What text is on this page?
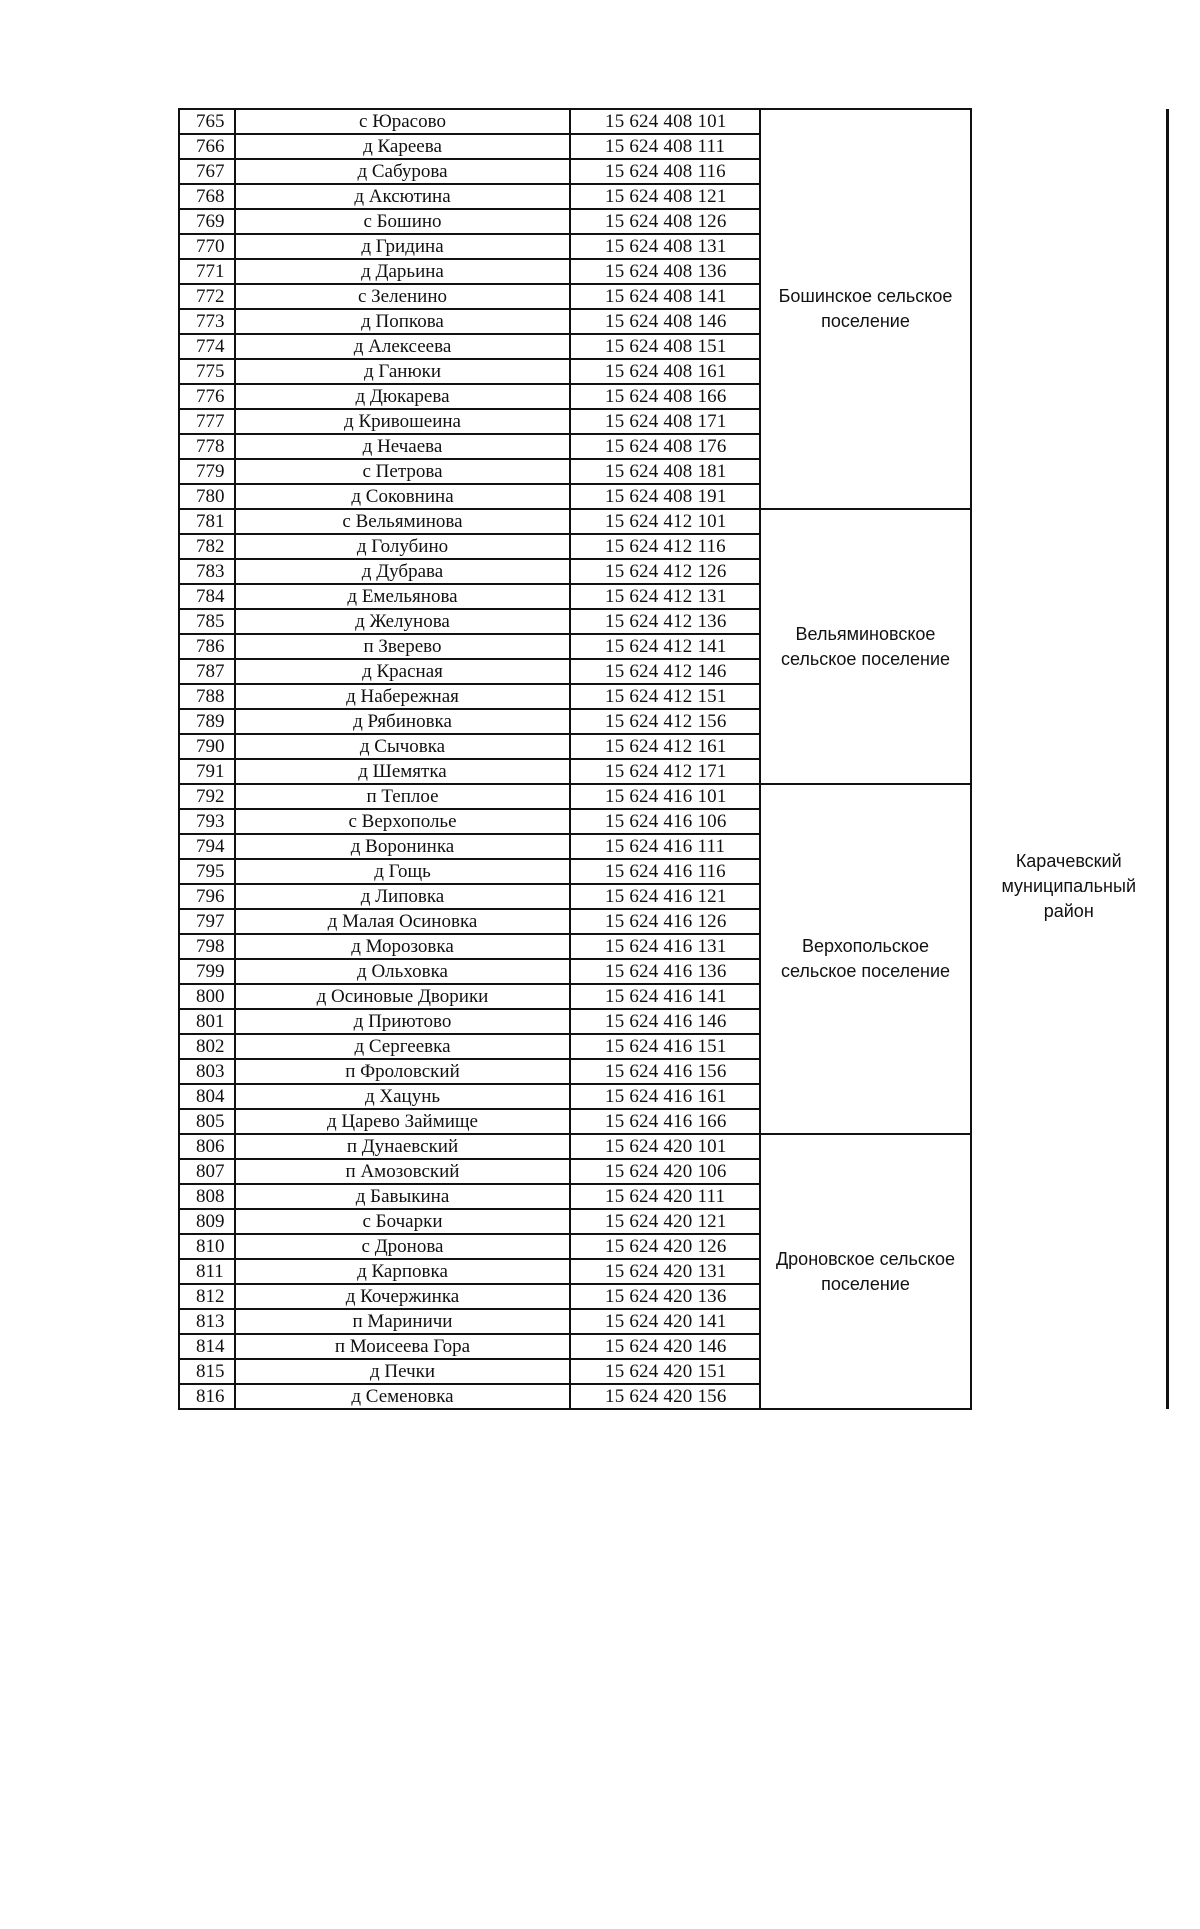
765	с Юрасово	15 624 408 101	Бошинское сельское поселение	Карачевский муниципальный район
766	д Кареева	15 624 408 111		
767	д Сабурова	15 624 408 116		
768	д Аксютина	15 624 408 121		
769	с Бошино	15 624 408 126		
770	д Гридина	15 624 408 131		
771	д Дарьина	15 624 408 136		
772	с Зеленино	15 624 408 141		
773	д Попкова	15 624 408 146		
774	д Алексеева	15 624 408 151		
775	д Ганюки	15 624 408 161		
776	д Дюкарева	15 624 408 166		
777	д Кривошеина	15 624 408 171		
778	д Нечаева	15 624 408 176		
779	с Петрова	15 624 408 181		
780	д Соковнина	15 624 408 191		
781	с Вельяминова	15 624 412 101	Вельяминовское сельское поселение	
782	д Голубино	15 624 412 116		
783	д Дубрава	15 624 412 126		
784	д Емельянова	15 624 412 131		
785	д Желунова	15 624 412 136		
786	п Зверево	15 624 412 141		
787	д Красная	15 624 412 146		
788	д Набережная	15 624 412 151		
789	д Рябиновка	15 624 412 156		
790	д Сычовка	15 624 412 161		
791	д Шемятка	15 624 412 171		
792	п Теплое	15 624 416 101	Верхопольское сельское поселение	
793	с Верхополье	15 624 416 106		
794	д Воронинка	15 624 416 111		
795	д Гощь	15 624 416 116		
796	д Липовка	15 624 416 121		
797	д Малая Осиновка	15 624 416 126		
798	д Морозовка	15 624 416 131		
799	д Ольховка	15 624 416 136		
800	д Осиновые Дворики	15 624 416 141		
801	д Приютово	15 624 416 146		
802	д Сергеевка	15 624 416 151		
803	п Фроловский	15 624 416 156		
804	д Хацунь	15 624 416 161		
805	д Царево Займище	15 624 416 166		
806	п Дунаевский	15 624 420 101	Дроновское сельское поселение	
807	п Амозовский	15 624 420 106		
808	д Бавыкина	15 624 420 111		
809	с Бочарки	15 624 420 121		
810	с Дронова	15 624 420 126		
811	д Карповка	15 624 420 131		
812	д Кочержинка	15 624 420 136		
813	п Мариничи	15 624 420 141		
814	п Моисеева Гора	15 624 420 146		
815	д Печки	15 624 420 151		
816	д Семеновка	15 624 420 156		
